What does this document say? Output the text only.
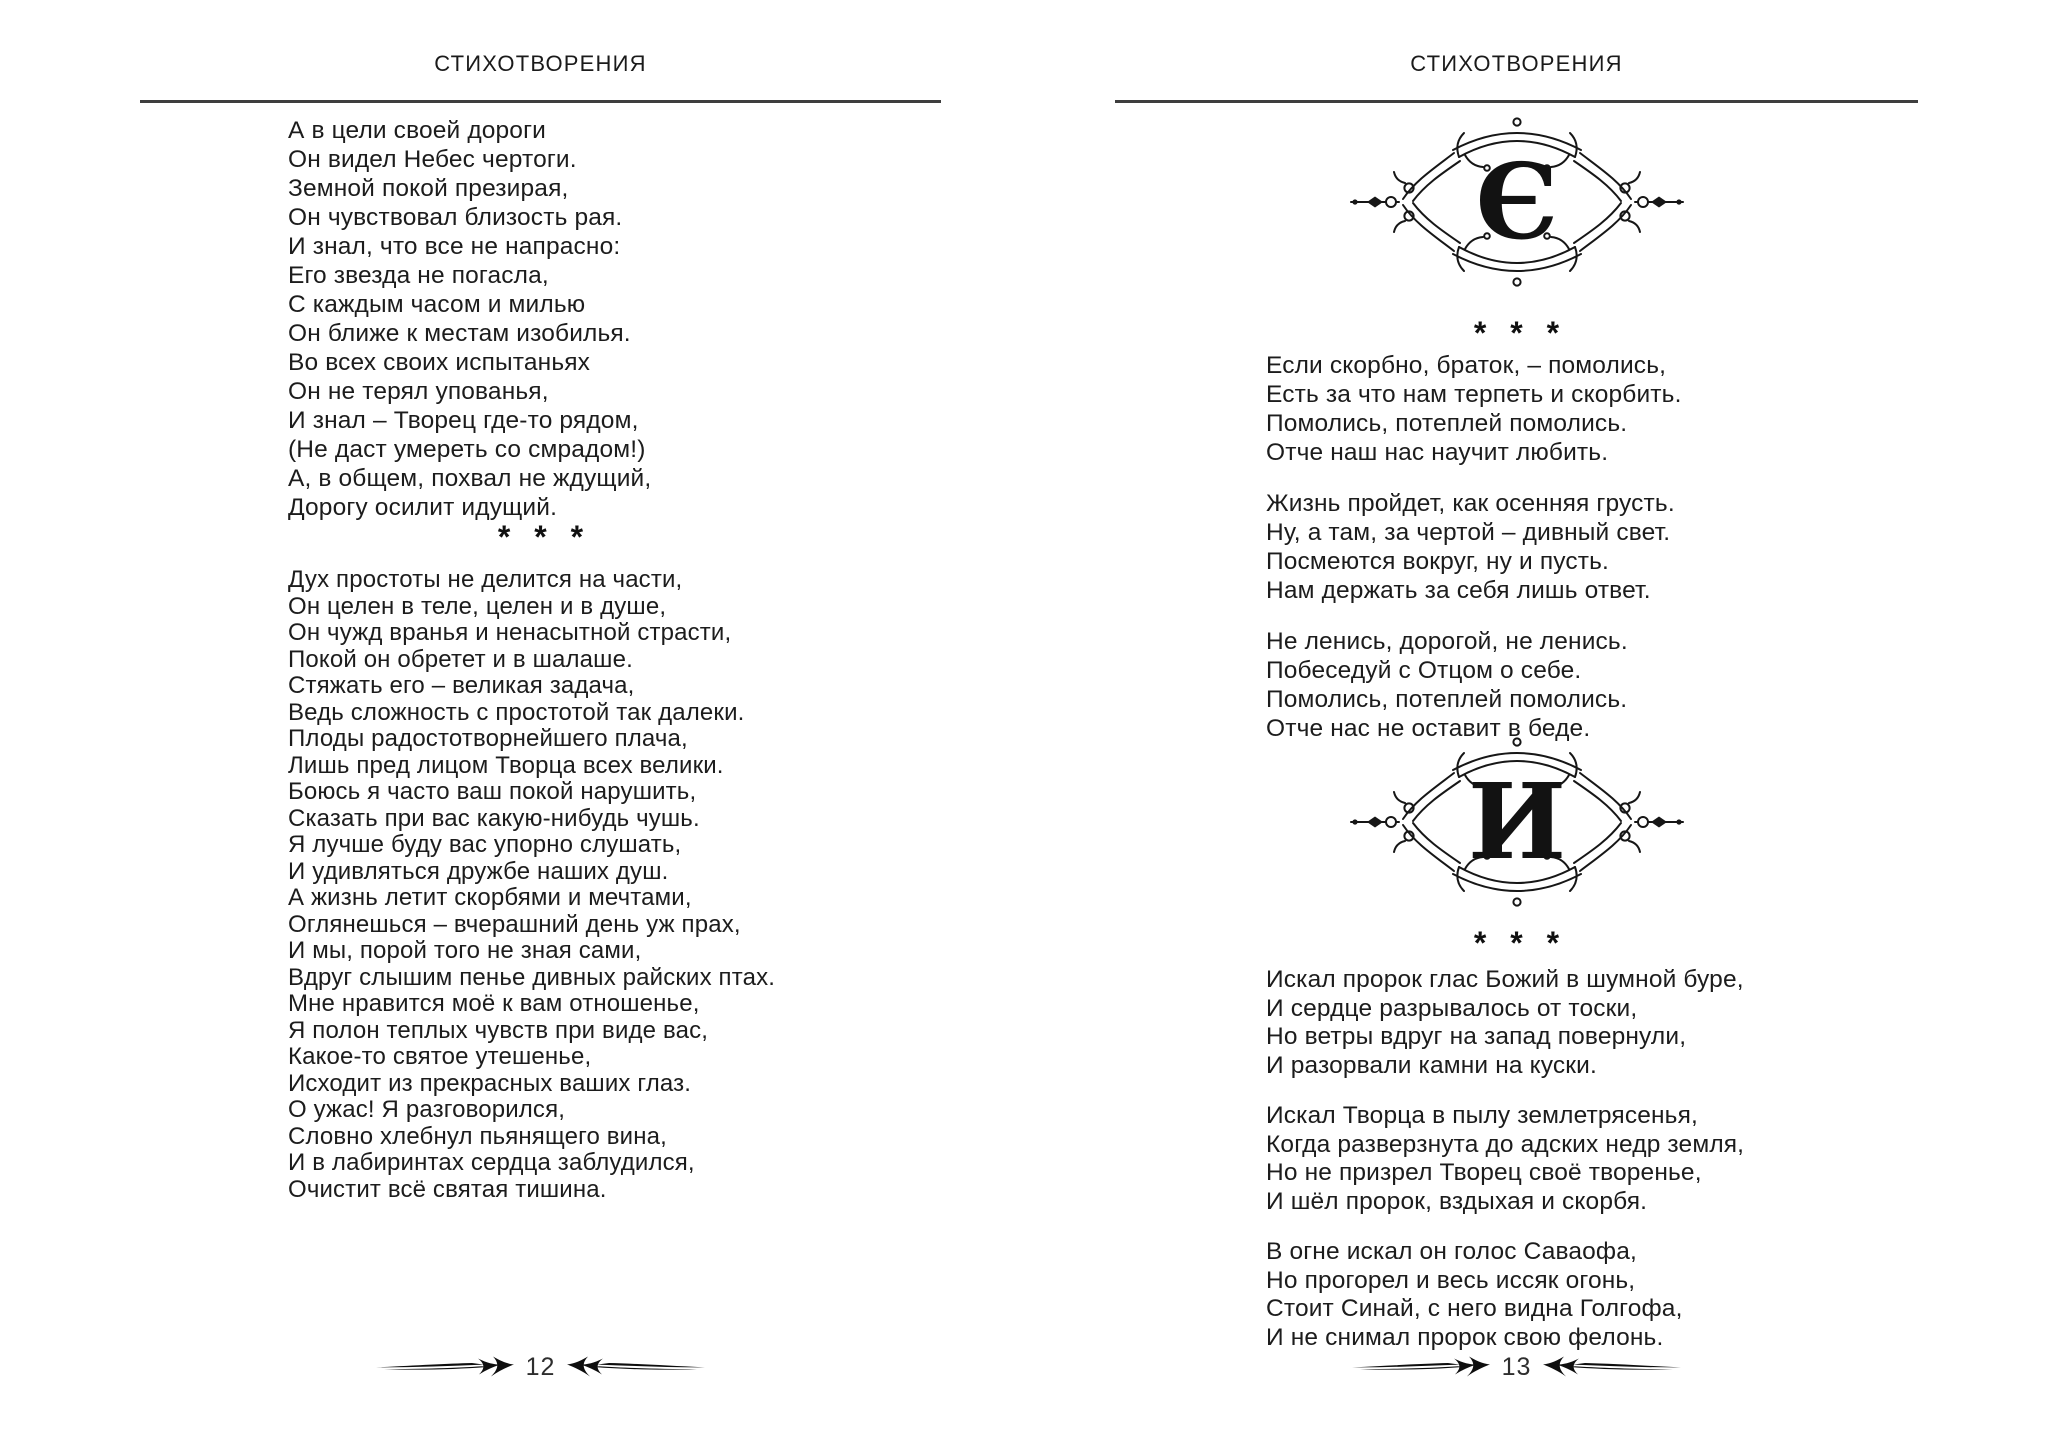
СТИХОТВОРЕНИЯ
А в цели своей дороги
Он видел Небес чертоги.
Земной покой презирая,
Он чувствовал близость рая.
И знал, что все не напрасно:
Его звезда не погасла,
С каждым часом и милью
Он ближе к местам изобилья.
Во всех своих испытаньях
Он не терял упованья,
И знал – Творец где-то рядом,
(Не даст умереть со смрадом!)
А, в общем, похвал не ждущий,
Дорогу осилит идущий.
* * *
Дух простоты не делится на части,
Он целен в теле, целен и в душе,
Он чужд вранья и ненасытной страсти,
Покой он обретет и в шалаше.
Стяжать его – великая задача,
Ведь сложность с простотой так далеки.
Плоды радостотворнейшего плача,
Лишь пред лицом Творца всех велики.
Боюсь я часто ваш покой нарушить,
Сказать при вас какую-нибудь чушь.
Я лучше буду вас упорно слушать,
И удивляться дружбе наших душ.
А жизнь летит скорбями и мечтами,
Оглянешься – вчерашний день уж прах,
И мы, порой того не зная сами,
Вдруг слышим пенье дивных райских птах.
Мне нравится моё к вам отношенье,
Я полон теплых чувств при виде вас,
Какое-то святое утешенье,
Исходит из прекрасных ваших глаз.
О ужас! Я разговорился,
Словно хлебнул пьянящего вина,
И в лабиринтах сердца заблудился,
Очистит всё святая тишина.
12
СТИХОТВОРЕНИЯ
Є
* * *
Если скорбно, браток, – помолись,
Есть за что нам терпеть и скорбить.
Помолись, потеплей помолись.
Отче наш нас научит любить.
Жизнь пройдет, как осенняя грусть.
Ну, а там, за чертой – дивный свет.
Посмеются вокруг, ну и пусть.
Нам держать за себя лишь ответ.
Не ленись, дорогой, не ленись.
Побеседуй с Отцом о себе.
Помолись, потеплей помолись.
Отче нас не оставит в беде.
И
* * *
Искал пророк глас Божий в шумной буре,
И сердце разрывалось от тоски,
Но ветры вдруг на запад повернули,
И разорвали камни на куски.
Искал Творца в пылу землетрясенья,
Когда разверзнута до адских недр земля,
Но не призрел Творец своё творенье,
И шёл пророк, вздыхая и скорбя.
В огне искал он голос Саваофа,
Но прогорел и весь иссяк огонь,
Стоит Синай, с него видна Голгофа,
И не снимал пророк свою фелонь.
13
